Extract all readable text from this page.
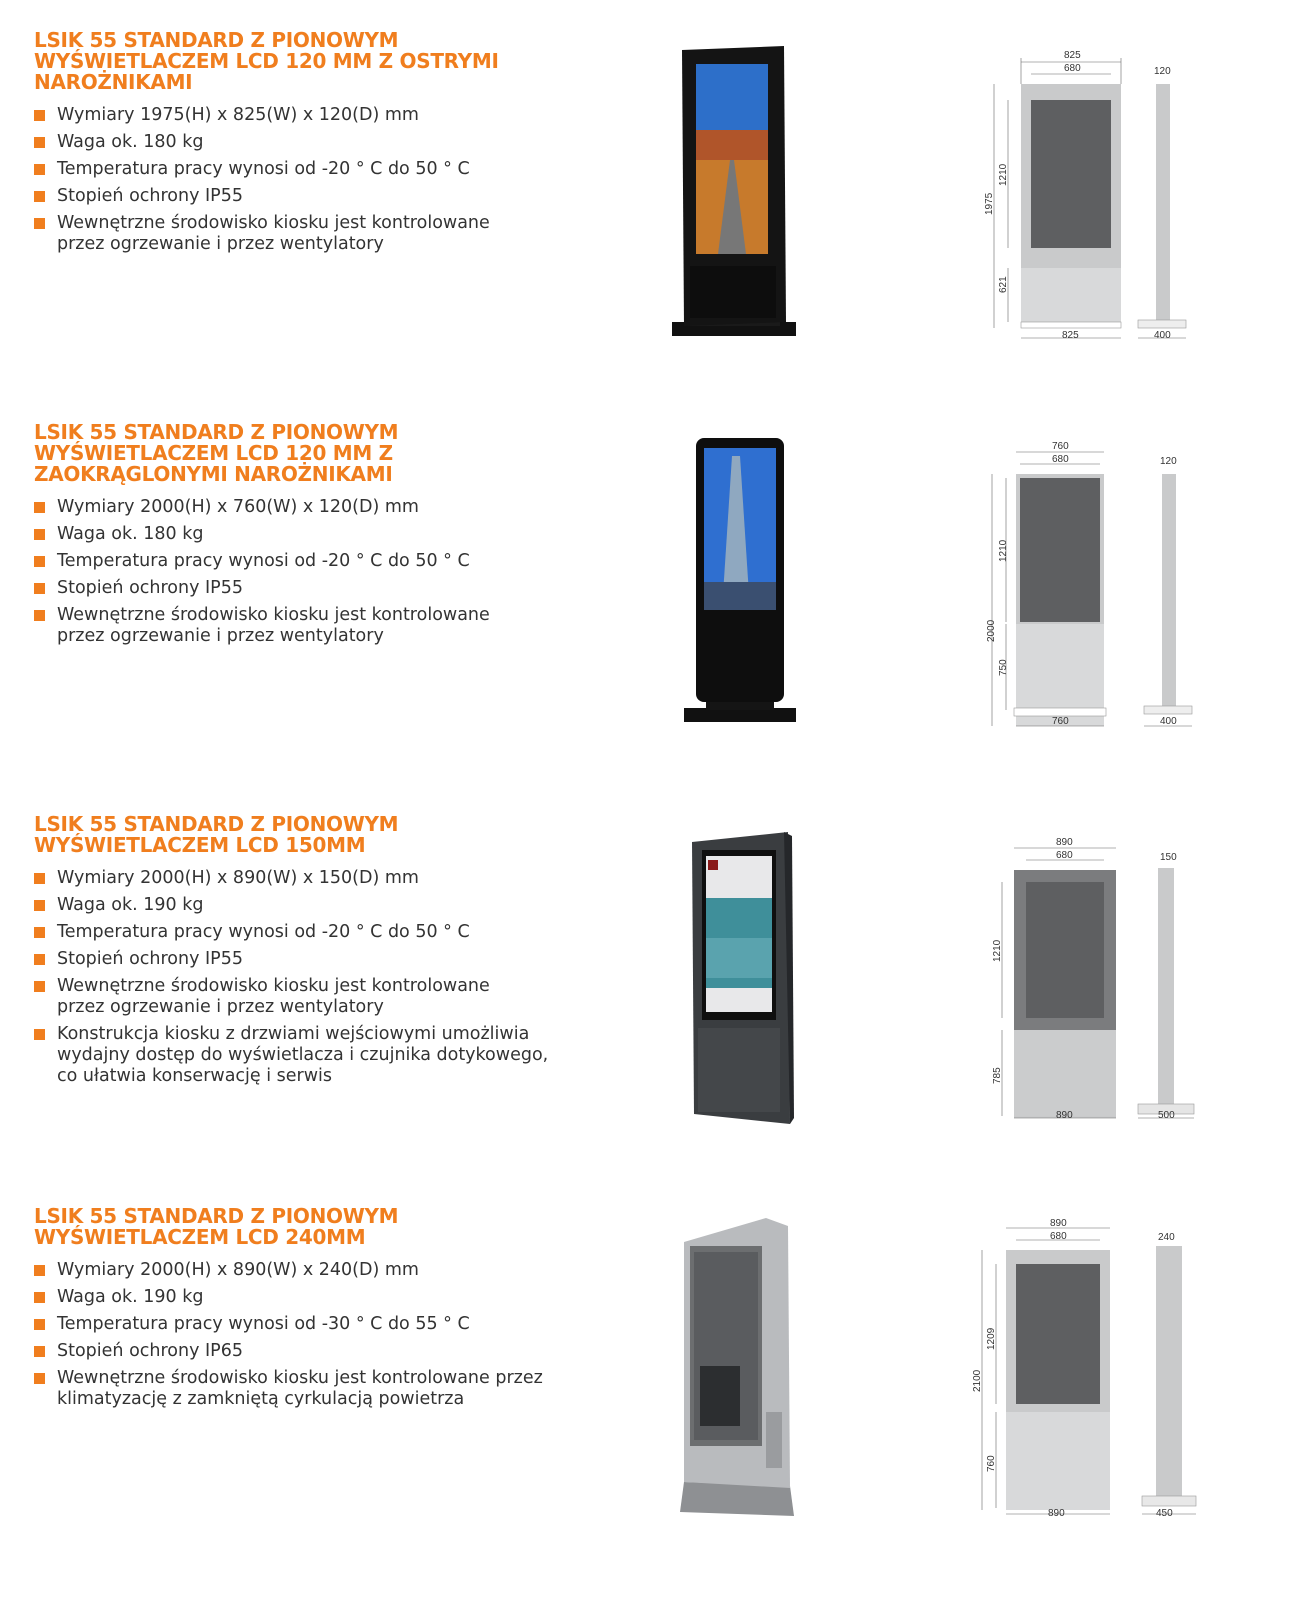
LSIK 55 STANDARD Z PIONOWYM WYŚWIETLACZEM LCD 120 MM Z OSTRYMI NAROŻNIKAMI
Wymiary 1975(H) x 825(W) x 120(D) mm
Waga ok. 180 kg
Temperatura pracy wynosi od -20 ° C do 50 ° C
Stopień ochrony IP55
Wewnętrzne środowisko kiosku jest kontrolowane przez ogrzewanie i przez wentylatory
825
680	120
1975
1210
621
825	400
LSIK 55 STANDARD Z PIONOWYM WYŚWIETLACZEM LCD 120 MM Z ZAOKRĄGLONYMI NAROŻNIKAMI
Wymiary 2000(H) x 760(W) x 120(D) mm
Waga ok. 180 kg
Temperatura pracy wynosi od -20 ° C do 50 ° C
Stopień ochrony IP55
Wewnętrzne środowisko kiosku jest kontrolowane przez ogrzewanie i przez wentylatory
760
680	120
2000
1210
750
760	400
LSIK 55 STANDARD Z PIONOWYM WYŚWIETLACZEM LCD 150MM
Wymiary 2000(H) x 890(W) x 150(D) mm
Waga ok. 190 kg
Temperatura pracy wynosi od -20 ° C do 50 ° C
Stopień ochrony IP55
Wewnętrzne środowisko kiosku jest kontrolowane przez ogrzewanie i przez wentylatory
Konstrukcja kiosku z drzwiami wejściowymi umożliwia wydajny dostęp do wyświetlacza i czujnika dotykowego, co ułatwia konserwację i serwis
890
680	150
1210
785
890	500
LSIK 55 STANDARD Z PIONOWYM WYŚWIETLACZEM LCD 240MM
Wymiary 2000(H) x 890(W) x 240(D) mm
Waga ok. 190 kg
Temperatura pracy wynosi od -30 ° C do 55 ° C
Stopień ochrony IP65
Wewnętrzne środowisko kiosku jest kontrolowane przez klimatyzację z zamkniętą cyrkulacją powietrza
890
680	240
2100
1209
760
890	450
